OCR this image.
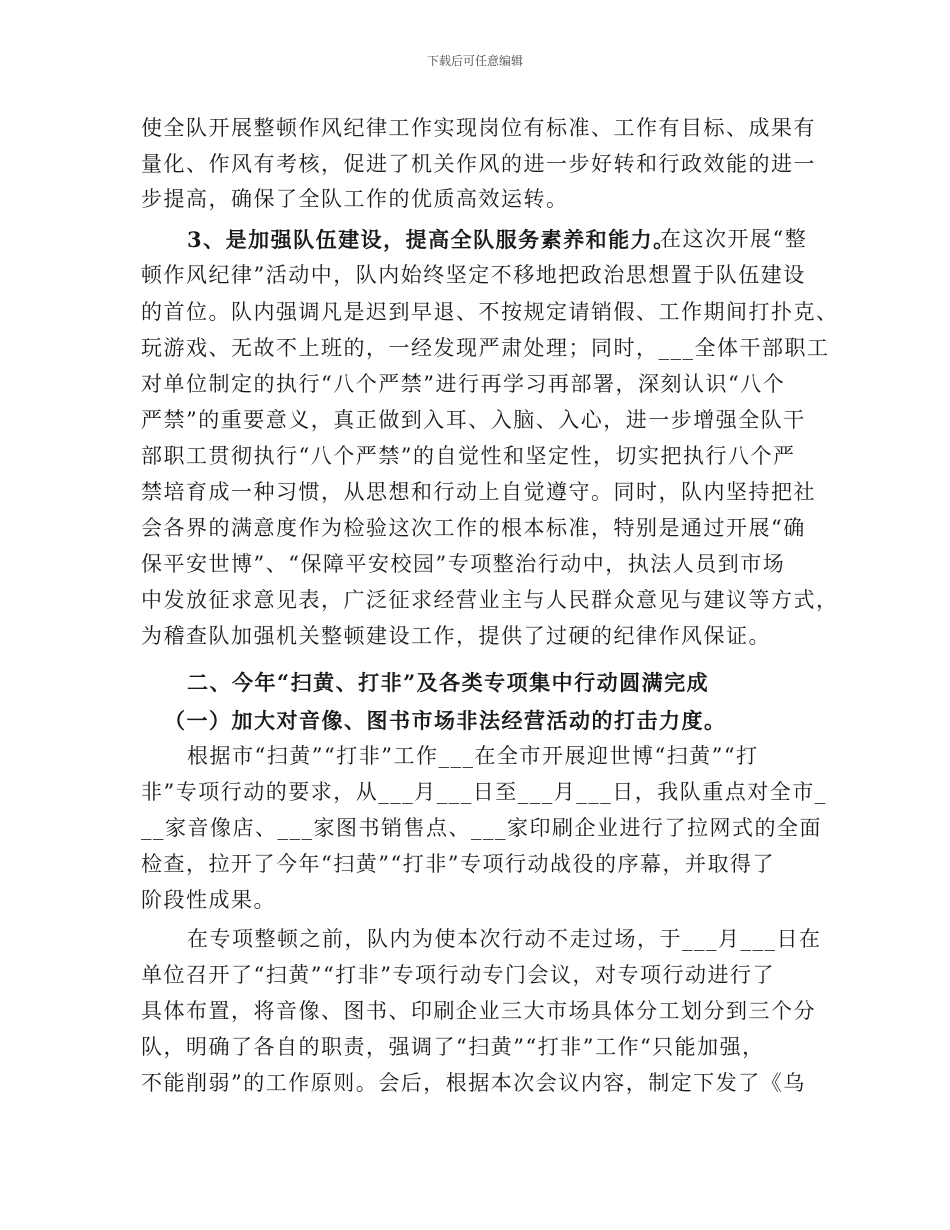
下载后可任意编辑
使全队开展整顿作风纪律工作实现岗位有标准、工作有目标、成果有
量化、作风有考核，促进了机关作风的进一步好转和行政效能的进一
步提高，确保了全队工作的优质高效运转。
3、是加强队伍建设，提高全队服务素养和能力。
在这次开展“整
顿作风纪律”活动中，队内始终坚定不移地把政治思想置于队伍建设
的首位。队内强调凡是迟到早退、不按规定请销假、工作期间打扑克、
玩游戏、无故不上班的，一经发现严肃处理；同时，___全体干部职工
对单位制定的执行“八个严禁”进行再学习再部署，深刻认识“八个
严禁”的重要意义，真正做到入耳、入脑、入心，进一步增强全队干
部职工贯彻执行“八个严禁”的自觉性和坚定性，切实把执行八个严
禁培育成一种习惯，从思想和行动上自觉遵守。同时，队内坚持把社
会各界的满意度作为检验这次工作的根本标准，特别是通过开展“确
保平安世博”、“保障平安校园”专项整治行动中，执法人员到市场
中发放征求意见表，广泛征求经营业主与人民群众意见与建议等方式，
为稽查队加强机关整顿建设工作，提供了过硬的纪律作风保证。
二、今年“扫黄、打非”及各类专项集中行动圆满完成
（一）加大对音像、图书市场非法经营活动的打击力度。
根据市“扫黄”“打非”工作___在全市开展迎世博“扫黄”“打
非”专项行动的要求，从___月___日至___月___日，我队重点对全市_
__家音像店、___家图书销售点、___家印刷企业进行了拉网式的全面
检查，拉开了今年“扫黄”“打非”专项行动战役的序幕，并取得了
阶段性成果。
在专项整顿之前，队内为使本次行动不走过场，于___月___日在
单位召开了“扫黄”“打非”专项行动专门会议，对专项行动进行了
具体布置，将音像、图书、印刷企业三大市场具体分工划分到三个分
队，明确了各自的职责，强调了“扫黄”“打非”工作“只能加强，
不能削弱”的工作原则。会后，根据本次会议内容，制定下发了《乌
